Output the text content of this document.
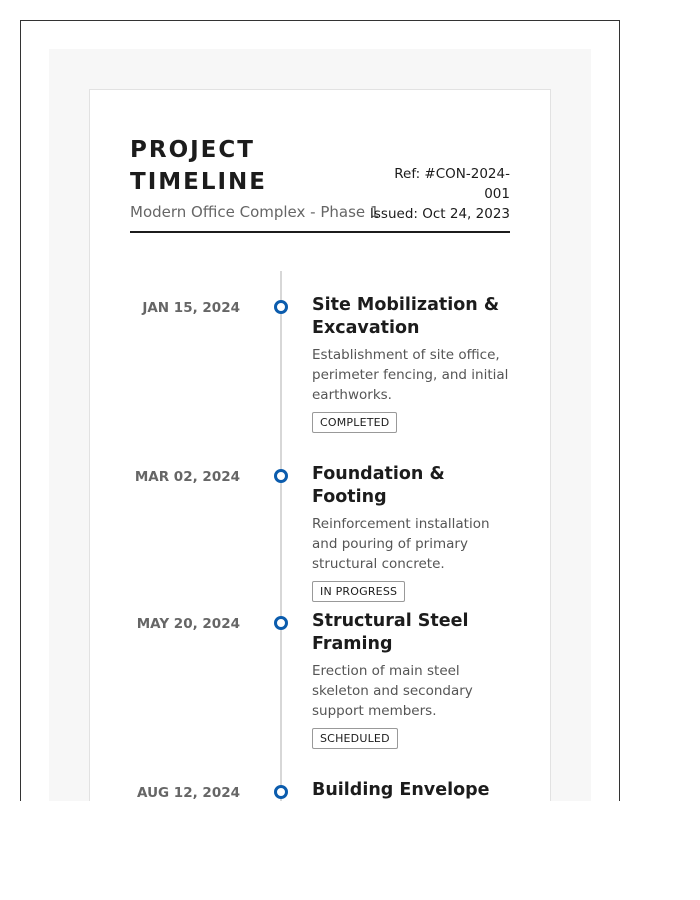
PROJECT TIMELINE
Modern Office Complex - Phase 1
Ref: #CON-2024-001
Issued: Oct 24, 2023
JAN 15, 2024	Site Mobilization & Excavation
Establishment of site office, perimeter fencing, and initial earthworks.
COMPLETED
MAR 02, 2024	Foundation & Footing
Reinforcement installation and pouring of primary structural concrete.
IN PROGRESS
MAY 20, 2024	Structural Steel Framing
Erection of main steel skeleton and secondary support members.
SCHEDULED
AUG 12, 2024	Building Envelope
